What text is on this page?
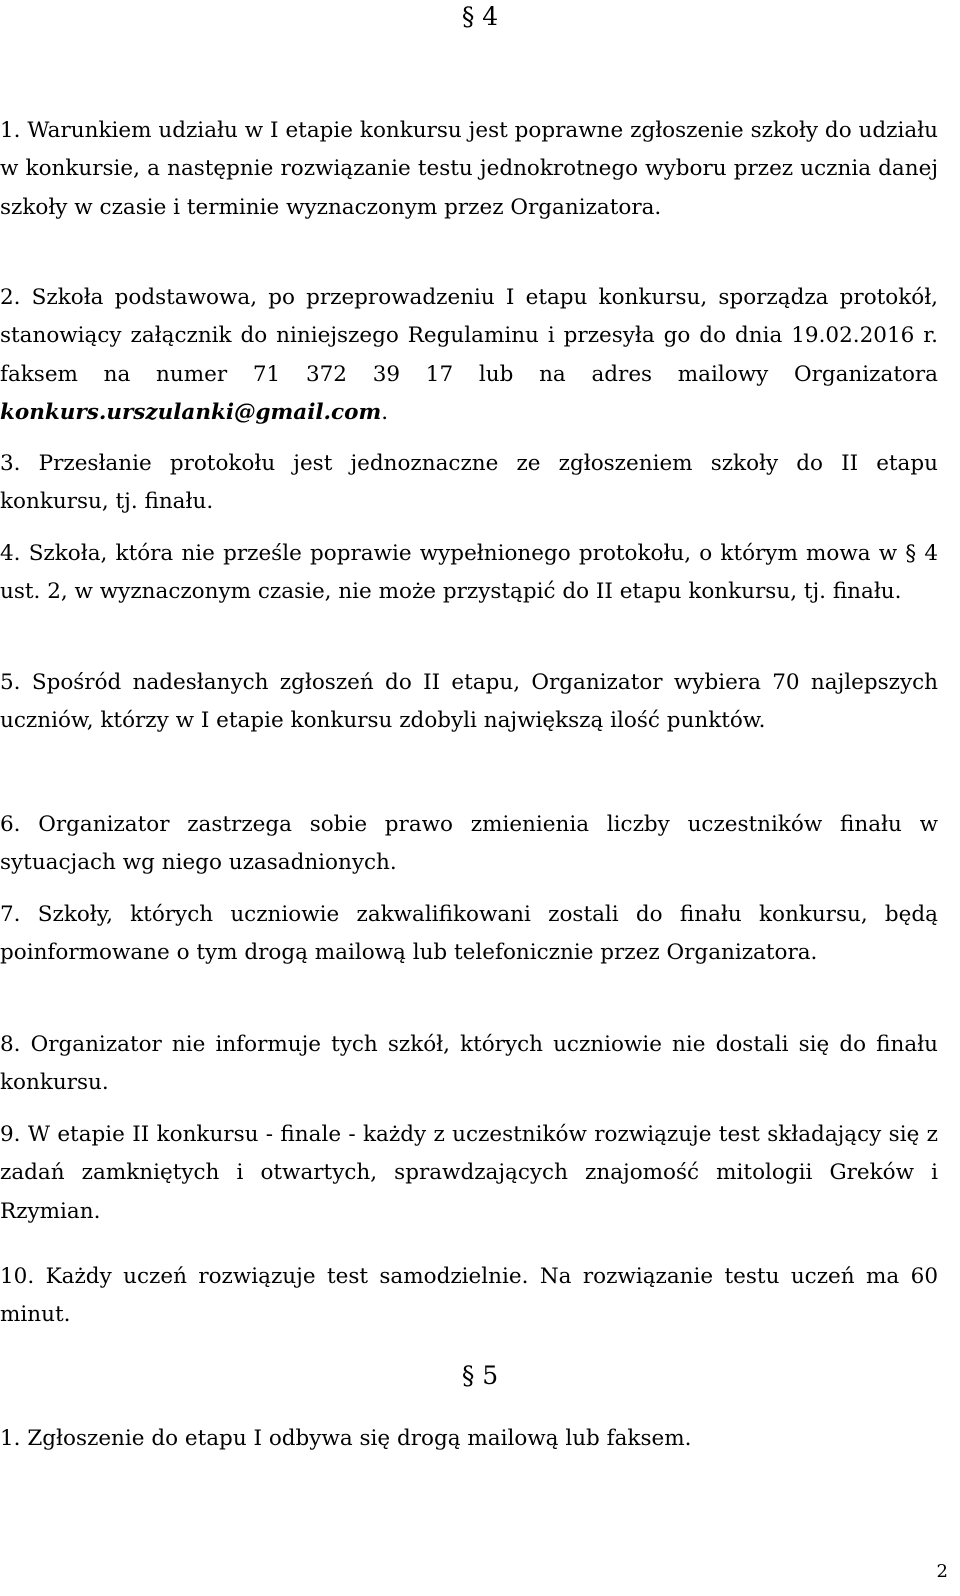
§ 4

1. Warunkiem udziału w I etapie konkursu jest poprawne zgłoszenie szkoły do udziału w konkursie, a następnie rozwiązanie testu jednokrotnego wyboru przez ucznia danej szkoły w czasie i terminie wyznaczonym przez Organizatora.

2. Szkoła podstawowa, po przeprowadzeniu I etapu konkursu, sporządza protokół, stanowiący załącznik do niniejszego Regulaminu i przesyła go do dnia 19.02.2016 r. faksem na numer 71 372 39 17 lub na adres mailowy Organizatora konkurs.urszulanki@gmail.com.

3. Przesłanie protokołu jest jednoznaczne ze zgłoszeniem szkoły do II etapu konkursu, tj. finału.

4. Szkoła, która nie prześle poprawie wypełnionego protokołu, o którym mowa w § 4 ust. 2, w wyznaczonym czasie, nie może przystąpić do II etapu konkursu, tj. finału.

5. Spośród nadesłanych zgłoszeń do II etapu, Organizator wybiera 70 najlepszych uczniów, którzy w I etapie konkursu zdobyli największą ilość punktów.

6. Organizator zastrzega sobie prawo zmienienia liczby uczestników finału w sytuacjach wg niego uzasadnionych.

7. Szkoły, których uczniowie zakwalifikowani zostali do finału konkursu, będą poinformowane o tym drogą mailową lub telefonicznie przez Organizatora.

8. Organizator nie informuje tych szkół, których uczniowie nie dostali się do finału konkursu.

9. W etapie II konkursu - finale - każdy z uczestników rozwiązuje test składający się z zadań zamkniętych i otwartych, sprawdzających znajomość mitologii Greków i Rzymian.

10. Każdy uczeń rozwiązuje test samodzielnie. Na rozwiązanie testu uczeń ma 60 minut.

§ 5

1. Zgłoszenie do etapu I odbywa się drogą mailową lub faksem.

2
